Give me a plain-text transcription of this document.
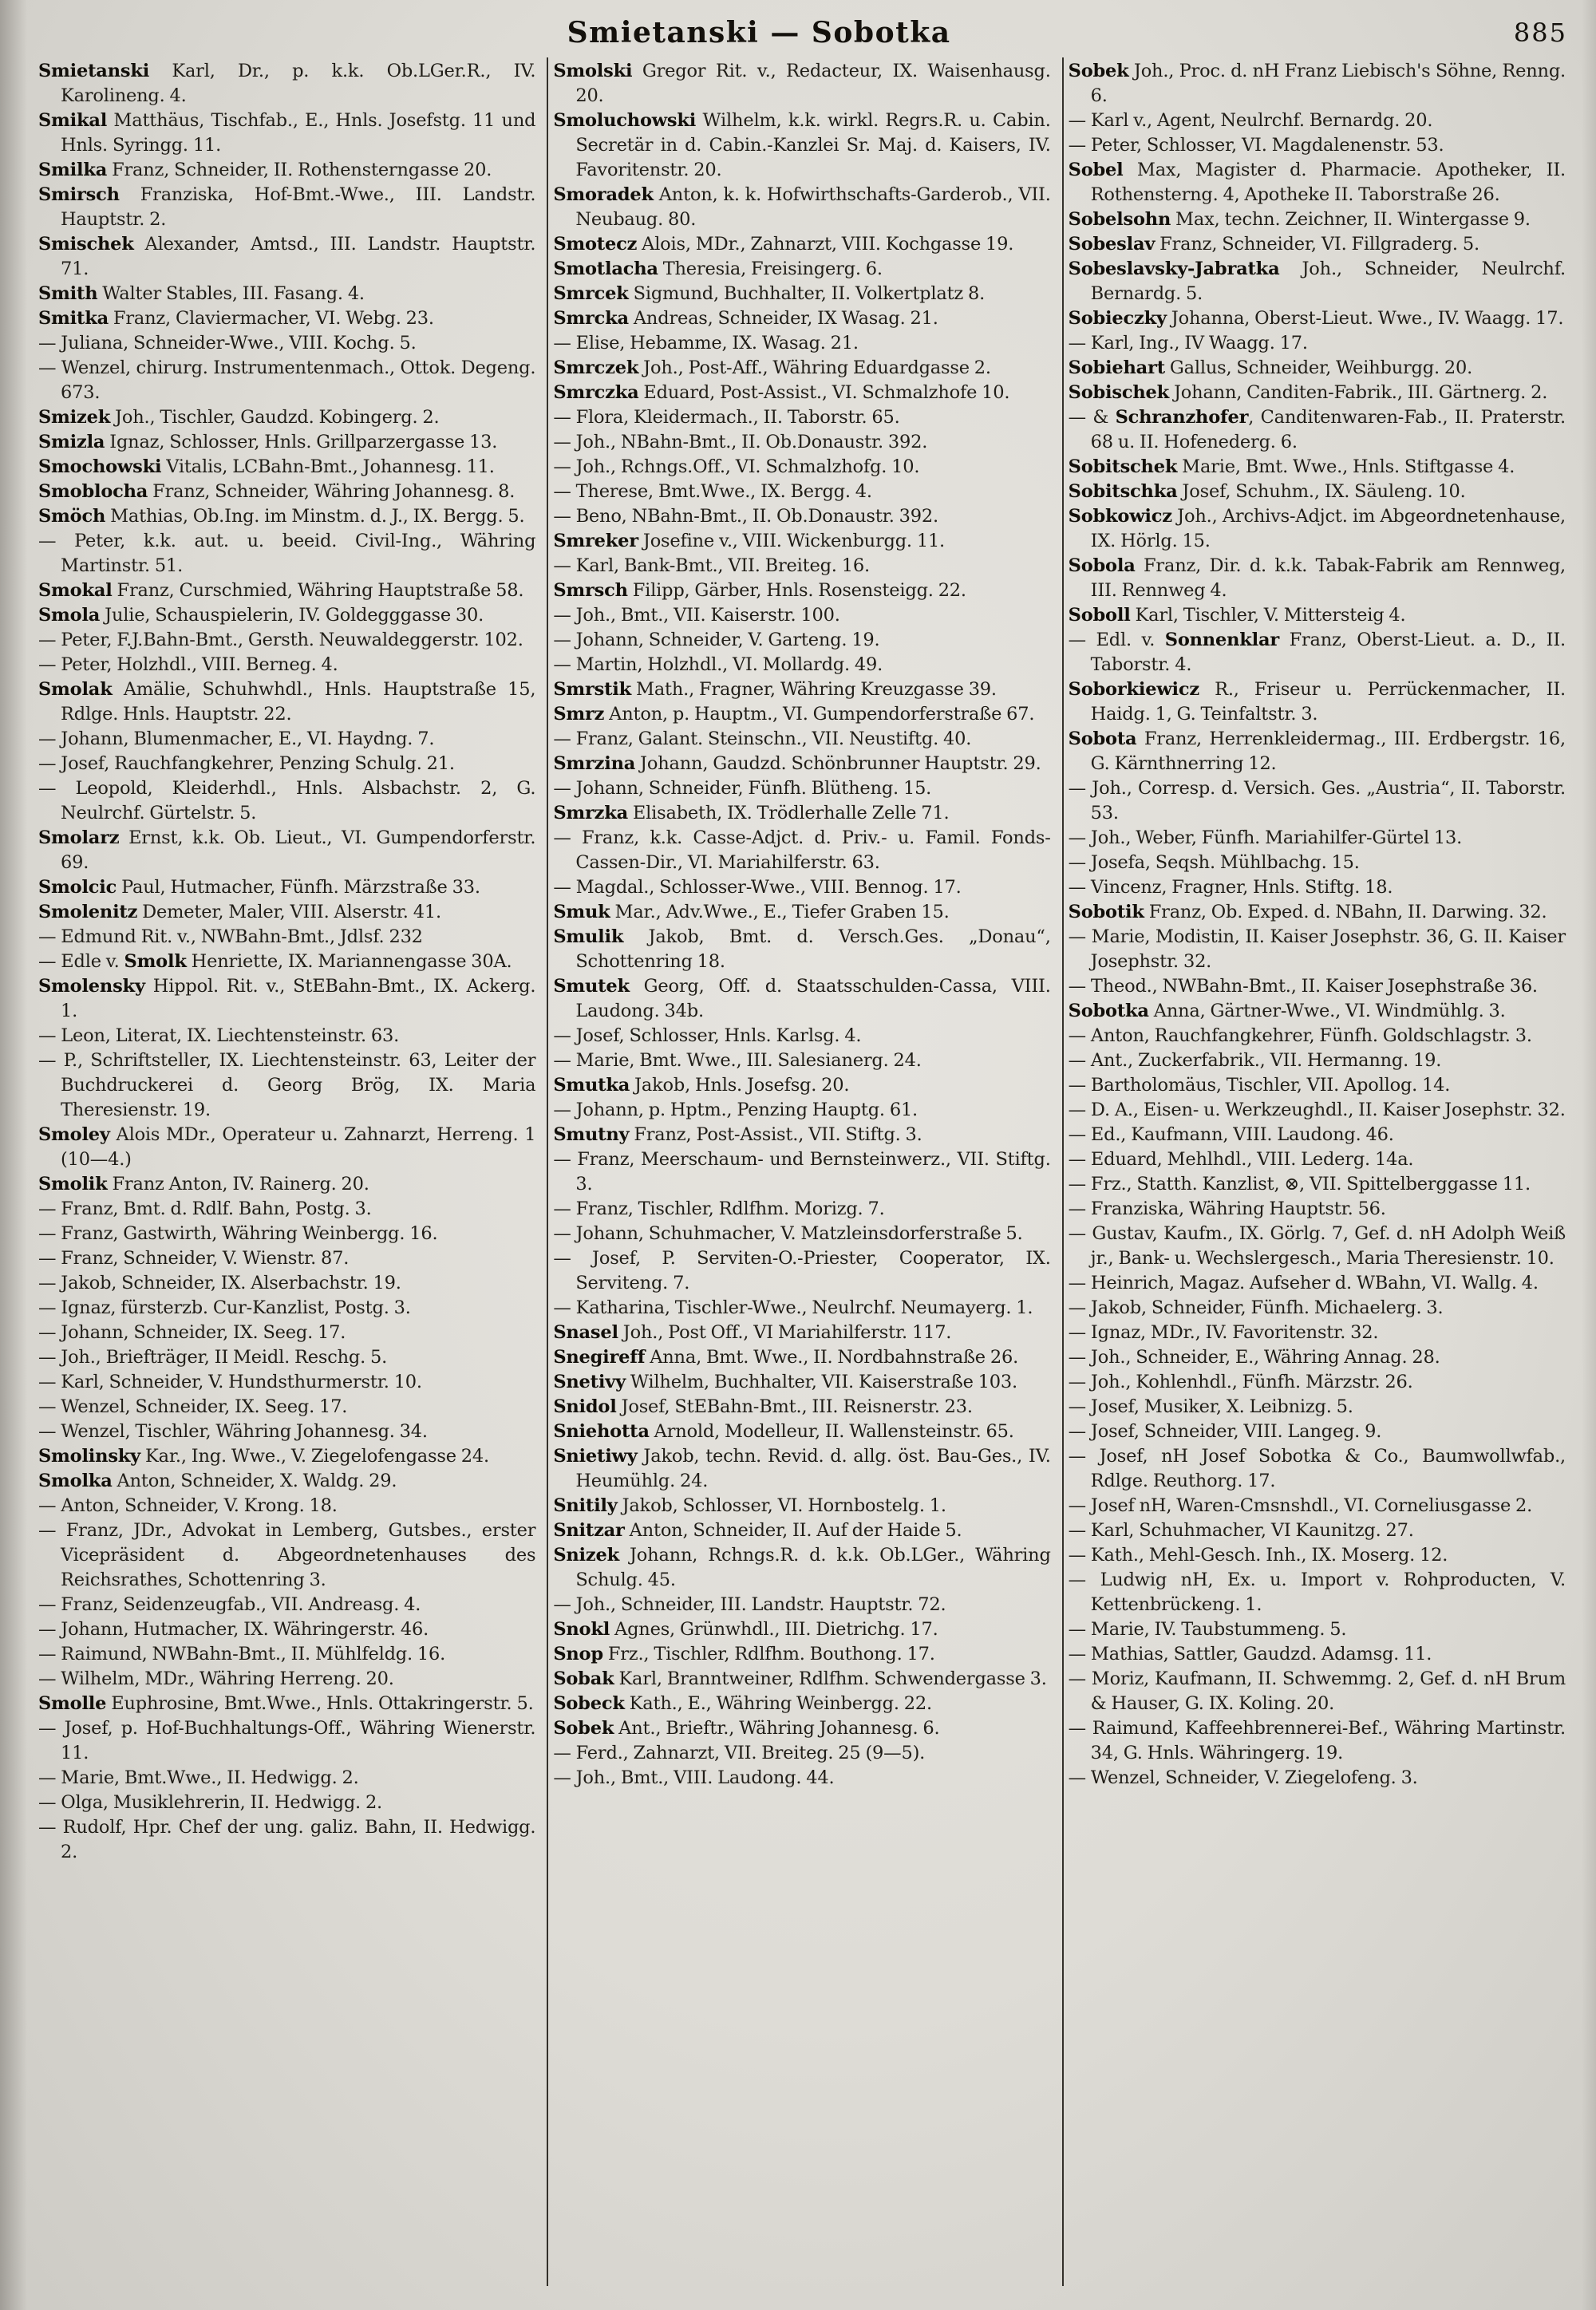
Smietanski — Sobotka	885

Smietanski Karl, Dr., p. k.k. Ob.LGer.R., IV. Karolineng. 4.

Smikal Matthäus, Tischfab., E., Hnls. Josefstg. 11 und Hnls. Syringg. 11.

Smilka Franz, Schneider, II. Rothensterngasse 20.

Smirsch Franziska, Hof-Bmt.-Wwe., III. Landstr. Hauptstr. 2.

Smischek Alexander, Amtsd., III. Landstr. Hauptstr. 71.

Smith Walter Stables, III. Fasang. 4.

Smitka Franz, Claviermacher, VI. Webg. 23.

— Juliana, Schneider-Wwe., VIII. Kochg. 5.

— Wenzel, chirurg. Instrumentenmach., Ottok. Degeng. 673.

Smizek Joh., Tischler, Gaudzd. Kobingerg. 2.

Smizla Ignaz, Schlosser, Hnls. Grillparzergasse 13.

Smochowski Vitalis, LCBahn-Bmt., Johannesg. 11.

Smoblocha Franz, Schneider, Währing Johannesg. 8.

Smöch Mathias, Ob.Ing. im Minstm. d. J., IX. Bergg. 5.

— Peter, k.k. aut. u. beeid. Civil-Ing., Währing Martinstr. 51.

Smokal Franz, Curschmied, Währing Hauptstraße 58.

Smola Julie, Schauspielerin, IV. Goldegggasse 30.

— Peter, F.J.Bahn-Bmt., Gersth. Neuwaldeggerstr. 102.

— Peter, Holzhdl., VIII. Berneg. 4.

Smolak Amälie, Schuhwhdl., Hnls. Hauptstraße 15, Rdlge. Hnls. Hauptstr. 22.

— Johann, Blumenmacher, E., VI. Haydng. 7.

— Josef, Rauchfangkehrer, Penzing Schulg. 21.

— Leopold, Kleiderhdl., Hnls. Alsbachstr. 2, G. Neulrchf. Gürtelstr. 5.

Smolarz Ernst, k.k. Ob. Lieut., VI. Gumpendorferstr. 69.

Smolcic Paul, Hutmacher, Fünfh. Märzstraße 33.

Smolenitz Demeter, Maler, VIII. Alserstr. 41.

— Edmund Rit. v., NWBahn-Bmt., Jdlsf. 232

— Edle v. Smolk Henriette, IX. Mariannengasse 30A.

Smolensky Hippol. Rit. v., StEBahn-Bmt., IX. Ackerg. 1.

— Leon, Literat, IX. Liechtensteinstr. 63.

— P., Schriftsteller, IX. Liechtensteinstr. 63, Leiter der Buchdruckerei d. Georg Brög, IX. Maria Theresienstr. 19.

Smoley Alois MDr., Operateur u. Zahnarzt, Herreng. 1 (10—4.)

Smolik Franz Anton, IV. Rainerg. 20.

— Franz, Bmt. d. Rdlf. Bahn, Postg. 3.

— Franz, Gastwirth, Währing Weinbergg. 16.

— Franz, Schneider, V. Wienstr. 87.

— Jakob, Schneider, IX. Alserbachstr. 19.

— Ignaz, fürsterzb. Cur-Kanzlist, Postg. 3.

— Johann, Schneider, IX. Seeg. 17.

— Joh., Briefträger, II Meidl. Reschg. 5.

— Karl, Schneider, V. Hundsthurmerstr. 10.

— Wenzel, Schneider, IX. Seeg. 17.

— Wenzel, Tischler, Währing Johannesg. 34.

Smolinsky Kar., Ing. Wwe., V. Ziegelofengasse 24.

Smolka Anton, Schneider, X. Waldg. 29.

— Anton, Schneider, V. Krong. 18.

— Franz, JDr., Advokat in Lemberg, Gutsbes., erster Vicepräsident d. Abgeordnetenhauses des Reichsrathes, Schottenring 3.

— Franz, Seidenzeugfab., VII. Andreasg. 4.

— Johann, Hutmacher, IX. Währingerstr. 46.

— Raimund, NWBahn-Bmt., II. Mühlfeldg. 16.

— Wilhelm, MDr., Währing Herreng. 20.

Smolle Euphrosine, Bmt.Wwe., Hnls. Ottakringerstr. 5.

— Josef, p. Hof-Buchhaltungs-Off., Währing Wienerstr. 11.

— Marie, Bmt.Wwe., II. Hedwigg. 2.

— Olga, Musiklehrerin, II. Hedwigg. 2.

— Rudolf, Hpr. Chef der ung. galiz. Bahn, II. Hedwigg. 2.

Smolski Gregor Rit. v., Redacteur, IX. Waisenhausg. 20.

Smoluchowski Wilhelm, k.k. wirkl. Regrs.R. u. Cabin. Secretär in d. Cabin.-Kanzlei Sr. Maj. d. Kaisers, IV. Favoritenstr. 20.

Smoradek Anton, k. k. Hofwirthschafts-Garderob., VII. Neubaug. 80.

Smotecz Alois, MDr., Zahnarzt, VIII. Kochgasse 19.

Smotlacha Theresia, Freisingerg. 6.

Smrcek Sigmund, Buchhalter, II. Volkertplatz 8.

Smrcka Andreas, Schneider, IX Wasag. 21.

— Elise, Hebamme, IX. Wasag. 21.

Smrczek Joh., Post-Aff., Währing Eduardgasse 2.

Smrczka Eduard, Post-Assist., VI. Schmalzhofe 10.

— Flora, Kleidermach., II. Taborstr. 65.

— Joh., NBahn-Bmt., II. Ob.Donaustr. 392.

— Joh., Rchngs.Off., VI. Schmalzhofg. 10.

— Therese, Bmt.Wwe., IX. Bergg. 4.

— Beno, NBahn-Bmt., II. Ob.Donaustr. 392.

Smreker Josefine v., VIII. Wickenburgg. 11.

— Karl, Bank-Bmt., VII. Breiteg. 16.

Smrsch Filipp, Gärber, Hnls. Rosensteigg. 22.

— Joh., Bmt., VII. Kaiserstr. 100.

— Johann, Schneider, V. Garteng. 19.

— Martin, Holzhdl., VI. Mollardg. 49.

Smrstik Math., Fragner, Währing Kreuzgasse 39.

Smrz Anton, p. Hauptm., VI. Gumpendorferstraße 67.

— Franz, Galant. Steinschn., VII. Neustiftg. 40.

Smrzina Johann, Gaudzd. Schönbrunner Hauptstr. 29.

— Johann, Schneider, Fünfh. Blütheng. 15.

Smrzka Elisabeth, IX. Trödlerhalle Zelle 71.

— Franz, k.k. Casse-Adjct. d. Priv.- u. Famil. Fonds-Cassen-Dir., VI. Mariahilferstr. 63.

— Magdal., Schlosser-Wwe., VIII. Bennog. 17.

Smuk Mar., Adv.Wwe., E., Tiefer Graben 15.

Smulik Jakob, Bmt. d. Versch.Ges. „Donau“, Schottenring 18.

Smutek Georg, Off. d. Staatsschulden-Cassa, VIII. Laudong. 34b.

— Josef, Schlosser, Hnls. Karlsg. 4.

— Marie, Bmt. Wwe., III. Salesianerg. 24.

Smutka Jakob, Hnls. Josefsg. 20.

— Johann, p. Hptm., Penzing Hauptg. 61.

Smutny Franz, Post-Assist., VII. Stiftg. 3.

— Franz, Meerschaum- und Bernsteinwerz., VII. Stiftg. 3.

— Franz, Tischler, Rdlfhm. Morizg. 7.

— Johann, Schuhmacher, V. Matzleinsdorferstraße 5.

— Josef, P. Serviten-O.-Priester, Cooperator, IX. Serviteng. 7.

— Katharina, Tischler-Wwe., Neulrchf. Neumayerg. 1.

Snasel Joh., Post Off., VI Mariahilferstr. 117.

Snegireff Anna, Bmt. Wwe., II. Nordbahnstraße 26.

Snetivy Wilhelm, Buchhalter, VII. Kaiserstraße 103.

Snidol Josef, StEBahn-Bmt., III. Reisnerstr. 23.

Sniehotta Arnold, Modelleur, II. Wallensteinstr. 65.

Snietiwy Jakob, techn. Revid. d. allg. öst. Bau-Ges., IV. Heumühlg. 24.

Snitily Jakob, Schlosser, VI. Hornbostelg. 1.

Snitzar Anton, Schneider, II. Auf der Haide 5.

Snizek Johann, Rchngs.R. d. k.k. Ob.LGer., Währing Schulg. 45.

— Joh., Schneider, III. Landstr. Hauptstr. 72.

Snokl Agnes, Grünwhdl., III. Dietrichg. 17.

Snop Frz., Tischler, Rdlfhm. Bouthong. 17.

Sobak Karl, Branntweiner, Rdlfhm. Schwendergasse 3.

Sobeck Kath., E., Währing Weinbergg. 22.

Sobek Ant., Brieftr., Währing Johannesg. 6.

— Ferd., Zahnarzt, VII. Breiteg. 25 (9—5).

— Joh., Bmt., VIII. Laudong. 44.

Sobek Joh., Proc. d. nH Franz Liebisch's Söhne, Renng. 6.

— Karl v., Agent, Neulrchf. Bernardg. 20.

— Peter, Schlosser, VI. Magdalenenstr. 53.

Sobel Max, Magister d. Pharmacie. Apotheker, II. Rothensterng. 4, Apotheke II. Taborstraße 26.

Sobelsohn Max, techn. Zeichner, II. Wintergasse 9.

Sobeslav Franz, Schneider, VI. Fillgraderg. 5.

Sobeslavsky-Jabratka Joh., Schneider, Neulrchf. Bernardg. 5.

Sobieczky Johanna, Oberst-Lieut. Wwe., IV. Waagg. 17.

— Karl, Ing., IV Waagg. 17.

Sobiehart Gallus, Schneider, Weihburgg. 20.

Sobischek Johann, Canditen-Fabrik., III. Gärtnerg. 2.

— & Schranzhofer, Canditenwaren-Fab., II. Praterstr. 68 u. II. Hofenederg. 6.

Sobitschek Marie, Bmt. Wwe., Hnls. Stiftgasse 4.

Sobitschka Josef, Schuhm., IX. Säuleng. 10.

Sobkowicz Joh., Archivs-Adjct. im Abgeordnetenhause, IX. Hörlg. 15.

Sobola Franz, Dir. d. k.k. Tabak-Fabrik am Rennweg, III. Rennweg 4.

Soboll Karl, Tischler, V. Mittersteig 4.

— Edl. v. Sonnenklar Franz, Oberst-Lieut. a. D., II. Taborstr. 4.

Soborkiewicz R., Friseur u. Perrückenmacher, II. Haidg. 1, G. Teinfaltstr. 3.

Sobota Franz, Herrenkleidermag., III. Erdbergstr. 16, G. Kärnthnerring 12.

— Joh., Corresp. d. Versich. Ges. „Austria“, II. Taborstr. 53.

— Joh., Weber, Fünfh. Mariahilfer-Gürtel 13.

— Josefa, Seqsh. Mühlbachg. 15.

— Vincenz, Fragner, Hnls. Stiftg. 18.

Sobotik Franz, Ob. Exped. d. NBahn, II. Darwing. 32.

— Marie, Modistin, II. Kaiser Josephstr. 36, G. II. Kaiser Josephstr. 32.

— Theod., NWBahn-Bmt., II. Kaiser Josephstraße 36.

Sobotka Anna, Gärtner-Wwe., VI. Windmühlg. 3.

— Anton, Rauchfangkehrer, Fünfh. Goldschlagstr. 3.

— Ant., Zuckerfabrik., VII. Hermanng. 19.

— Bartholomäus, Tischler, VII. Apollog. 14.

— D. A., Eisen- u. Werkzeughdl., II. Kaiser Josephstr. 32.

— Ed., Kaufmann, VIII. Laudong. 46.

— Eduard, Mehlhdl., VIII. Lederg. 14a.

— Frz., Statth. Kanzlist, ⊗, VII. Spittelberggasse 11.

— Franziska, Währing Hauptstr. 56.

— Gustav, Kaufm., IX. Görlg. 7, Gef. d. nH Adolph Weiß jr., Bank- u. Wechslergesch., Maria Theresienstr. 10.

— Heinrich, Magaz. Aufseher d. WBahn, VI. Wallg. 4.

— Jakob, Schneider, Fünfh. Michaelerg. 3.

— Ignaz, MDr., IV. Favoritenstr. 32.

— Joh., Schneider, E., Währing Annag. 28.

— Joh., Kohlenhdl., Fünfh. Märzstr. 26.

— Josef, Musiker, X. Leibnizg. 5.

— Josef, Schneider, VIII. Langeg. 9.

— Josef, nH Josef Sobotka & Co., Baumwollwfab., Rdlge. Reuthorg. 17.

— Josef nH, Waren-Cmsnshdl., VI. Corneliusgasse 2.

— Karl, Schuhmacher, VI Kaunitzg. 27.

— Kath., Mehl-Gesch. Inh., IX. Moserg. 12.

— Ludwig nH, Ex. u. Import v. Rohproducten, V. Kettenbrückeng. 1.

— Marie, IV. Taubstummeng. 5.

— Mathias, Sattler, Gaudzd. Adamsg. 11.

— Moriz, Kaufmann, II. Schwemmg. 2, Gef. d. nH Brum & Hauser, G. IX. Koling. 20.

— Raimund, Kaffeehbrennerei-Bef., Währing Martinstr. 34, G. Hnls. Währingerg. 19.

— Wenzel, Schneider, V. Ziegelofeng. 3.
